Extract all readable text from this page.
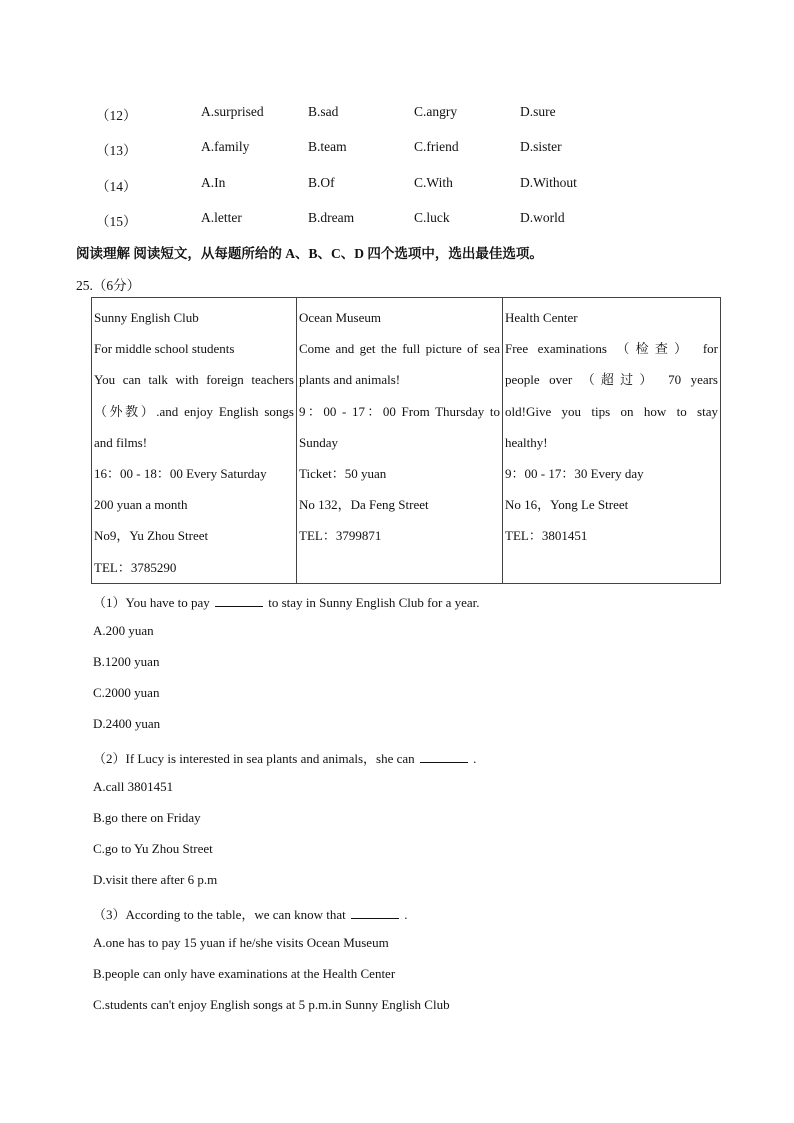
（12）	A.surprised	B.sad	C.angry	D.sure
（13）	A.family	B.team	C.friend	D.sister
（14）	A.In	B.Of	C.With	D.Without
（15）	A.letter	B.dream	C.luck	D.world
阅读理解 阅读短文，从每题所给的 A、B、C、D 四个选项中，选出最佳选项。
25.（6分）
Sunny English Club
For middle school students
You can talk with foreign teachers
（外教）.and enjoy English songs
and films!
16：00 - 18：00 Every Saturday
200 yuan a month
No9，Yu Zhou Street
TEL：3785290

Ocean Museum
Come and get the full picture of sea
plants and animals!
9：00 - 17：00 From Thursday to
Sunday
Ticket：50 yuan
No 132，Da Feng Street
TEL：3799871

Health Center
Free examinations （检查） for
people over （超过） 70 years
old!Give you tips on how to stay
healthy!
9：00 - 17：30 Every day
No 16，Yong Le Street
TEL：3801451
（1）You have to pay	to stay in Sunny English Club for a year.
A.200 yuan
B.1200 yuan
C.2000 yuan
D.2400 yuan
（2）If Lucy is interested in sea plants and animals，she can	.
A.call 3801451
B.go there on Friday
C.go to Yu Zhou Street
D.visit there after 6 p.m
（3）According to the table，we can know that	.
A.one has to pay 15 yuan if he/she visits Ocean Museum
B.people can only have examinations at the Health Center
C.students can't enjoy English songs at 5 p.m.in Sunny English Club
